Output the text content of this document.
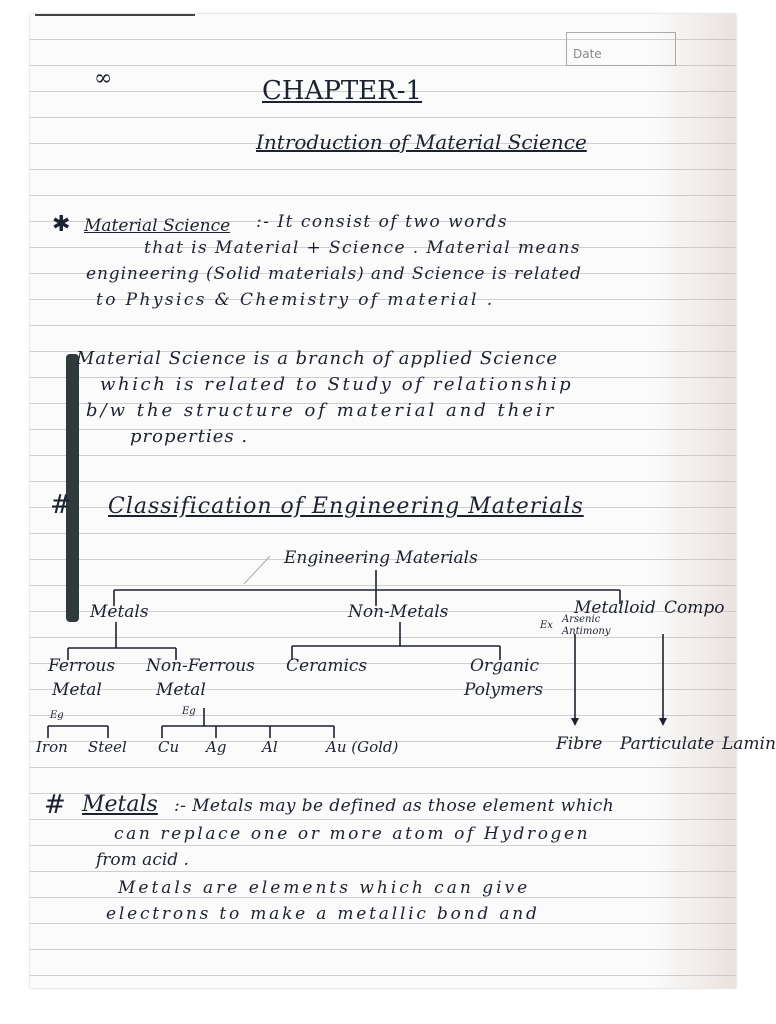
Date
∞	CHAPTER-1
Introduction of Material Science
✱ Material Science :- It consist of two words
that is Material + Science . Material means
engineering (Solid materials) and Science is related
to Physics & Chemistry of material .
Material Science is a branch of applied Science
which is related to Study of relationship
b/w the structure of material and their
properties .
# Classification of Engineering Materials
Engineering Materials
Metals	Non-Metals	Metalloid Compo
Ex
Arsenic
Antimony
Ferrous
Metal
Non-Ferrous
Metal
Ceramics	Organic
Polymers
Eg	Eg
Iron Steel Cu Ag Al	Au (Gold)	Fibre Particulate Lamin
# Metals :- Metals may be defined as those element which
can replace one or more atom of Hydrogen
from acid .
Metals are elements which can give
electrons to make a metallic bond and
